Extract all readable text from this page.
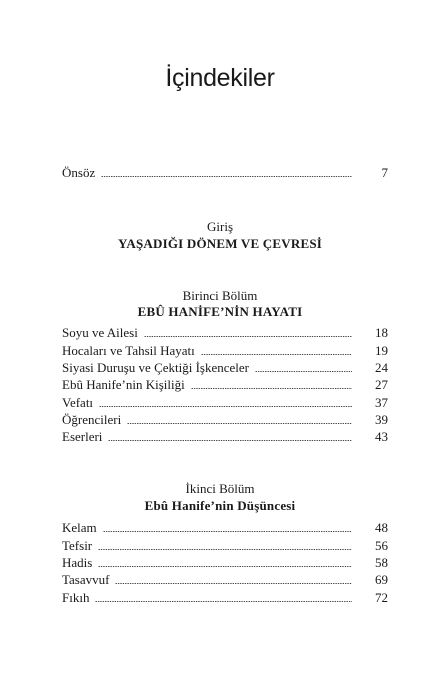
İçindekiler
Önsöz	7
Giriş
YAŞADIĞI DÖNEM VE ÇEVRESİ
Birinci Bölüm
EBÛ HANİFE’NİN HAYATI
Soyu ve Ailesi	18
Hocaları ve Tahsil Hayatı	19
Siyasi Duruşu ve Çektiği İşkenceler	24
Ebû Hanife’nin Kişiliği	27
Vefatı	37
Öğrencileri	39
Eserleri	43
İkinci Bölüm
Ebû Hanife’nin Düşüncesi
Kelam	48
Tefsir	56
Hadis	58
Tasavvuf	69
Fıkıh	72
